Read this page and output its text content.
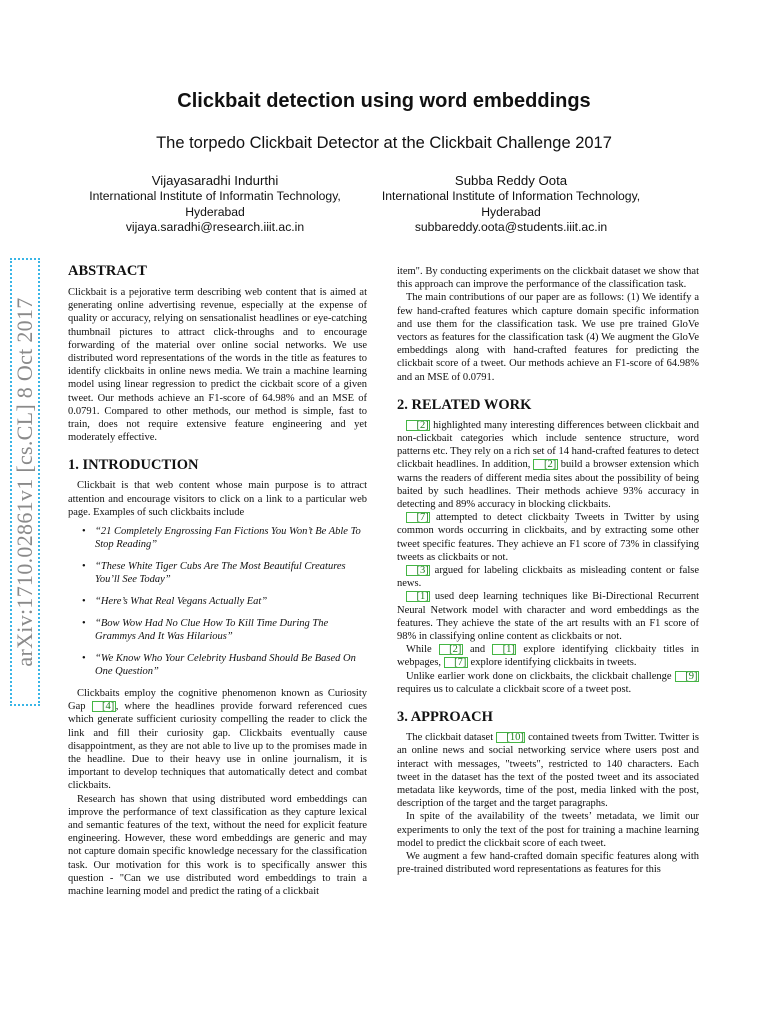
Clickbait detection using word embeddings
The torpedo Clickbait Detector at the Clickbait Challenge 2017
Vijayasaradhi Indurthi
International Institute of Informatin Technology,
Hyderabad
vijaya.saradhi@research.iiit.ac.in
Subba Reddy Oota
International Institute of Information Technology,
Hyderabad
subbareddy.oota@students.iiit.ac.in
arXiv:1710.02861v1 [cs.CL] 8 Oct 2017
ABSTRACT

Clickbait is a pejorative term describing web content that is aimed at generating online advertising revenue, especially at the expense of quality or accuracy, relying on sensationalist headlines or eye-catching thumbnail pictures to attract click-throughs and to encourage forwarding of the material over online social networks. We use distributed word representations of the words in the title as features to identify clickbaits in online news media. We train a machine learning model using linear regression to predict the cickbait score of a given tweet. Our methods achieve an F1-score of 64.98% and an MSE of 0.0791. Compared to other methods, our method is simple, fast to train, does not require extensive feature engineering and yet moderately effective.

1. INTRODUCTION

Clickbait is that web content whose main purpose is to attract attention and encourage visitors to click on a link to a particular web page. Examples of such clickbaits include

• “21 Completely Engrossing Fan Fictions You Won’t Be Able To Stop Reading”
• “These White Tiger Cubs Are The Most Beautiful Creatures You’ll See Today”
• “Here’s What Real Vegans Actually Eat”
• “Bow Wow Had No Clue How To Kill Time During The Grammys And It Was Hilarious”
• “We Know Who Your Celebrity Husband Should Be Based On One Question”

Clickbaits employ the cognitive phenomenon known as Curiosity Gap [4] , where the headlines provide forward referenced cues which generate sufficient curiosity compelling the reader to click the link and fill their curiosity gap. Clickbaits eventually cause disappointment, as they are not able to live up to the promises made in the headline. Due to their heavy use in online journalism, it is important to develop techniques that automatically detect and combat clickbaits.

Research has shown that using distributed word embeddings can improve the performance of text classification as they capture lexical and semantic features of the text, without the need for explicit feature engineering. However, these word embeddings are generic and may not capture domain specific knowledge necessary for the classification task. Our motivation for this work is to specifically answer this question - "Can we use distributed word embeddings to train a machine learning model and predict the rating of a clickbait

item". By conducting experiments on the clickbait dataset we show that this approach can improve the performance of the classification task.

The main contributions of our paper are as follows: (1) We identify a few hand-crafted features which capture domain specific information and use them for the classification task. We use pre trained GloVe vectors as features for the classification task (4) We augment the GloVe embeddings along with hand-crafted features for predicting the clickbait score of a tweet. Our methods achieve an F1-score of 64.98% and an MSE of 0.0791.

2. RELATED WORK

[2] highlighted many interesting differences between clickbait and non-clickbait categories which include sentence structure, word patterns etc. They rely on a rich set of 14 hand-crafted features to detect clickbait headlines. In addition, [2] build a browser extension which warns the readers of different media sites about the possibility of being baited by such headlines. Their methods achieve 93% accuracy in detecting and 89% accuracy in blocking clickbaits.

[7] attempted to detect clickbaity Tweets in Twitter by using common words occurring in clickbaits, and by extracting some other tweet specific features. They achieve an F1 score of 73% in classifying tweets as clickbaits or not.

[3] argued for labeling clickbaits as misleading content or false news.

[1] used deep learning techniques like Bi-Directional Recurrent Neural Network model with character and word embeddings as the features. They achieve the state of the art results with an F1 score of 98% in classifying online content as clickbaits or not.

While [2] and [1] explore identifying clickbaity titles in webpages, [7] explore identifying clickbaits in tweets.

Unlike earlier work done on clickbaits, the clickbait challenge [9] requires us to calculate a clickbait score of a tweet post.

3. APPROACH

The clickbait dataset [10] contained tweets from Twitter. Twitter is an online news and social networking service where users post and interact with messages, "tweets", restricted to 140 characters. Each tweet in the dataset has the text of the posted tweet and its associated metadata like keywords, time of the post, media linked with the post, description of the target and the target paragraphs.

In spite of the availability of the tweets’ metadata, we limit our experiments to only the text of the post for training a machine learning model to predict the clickbait score of each tweet.

We augment a few hand-crafted domain specific features along with pre-trained distributed word representations as features for this
